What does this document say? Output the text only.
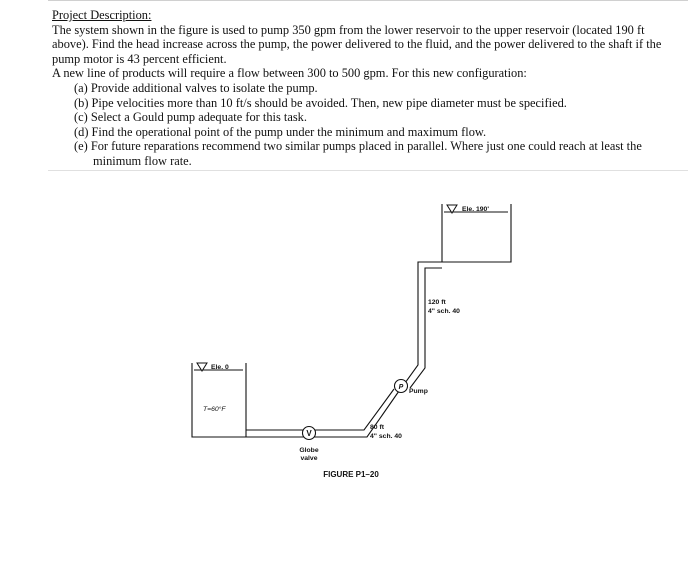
Project Description:

The system shown in the figure is used to pump 350 gpm from the lower reservoir to the upper reservoir (located 190 ft above). Find the head increase across the pump, the power delivered to the fluid, and the power delivered to the shaft if the pump motor is 43 percent efficient.

A new line of products will require a flow between 300 to 500 gpm. For this new configuration:

(a) Provide additional valves to isolate the pump.
(b) Pipe velocities more than 10 ft/s should be avoided. Then, new pipe diameter must be specified.
(c) Select a Gould pump adequate for this task.
(d) Find the operational point of the pump under the minimum and maximum flow.
(e) For future reparations recommend two similar pumps placed in parallel. Where just one could reach at least the minimum flow rate.
V
P
Ele. 190'
Ele. 0
T=60°F
120 ft
4" sch. 40
Pump
80 ft
4" sch. 40
Globe
valve
FIGURE P1–20
